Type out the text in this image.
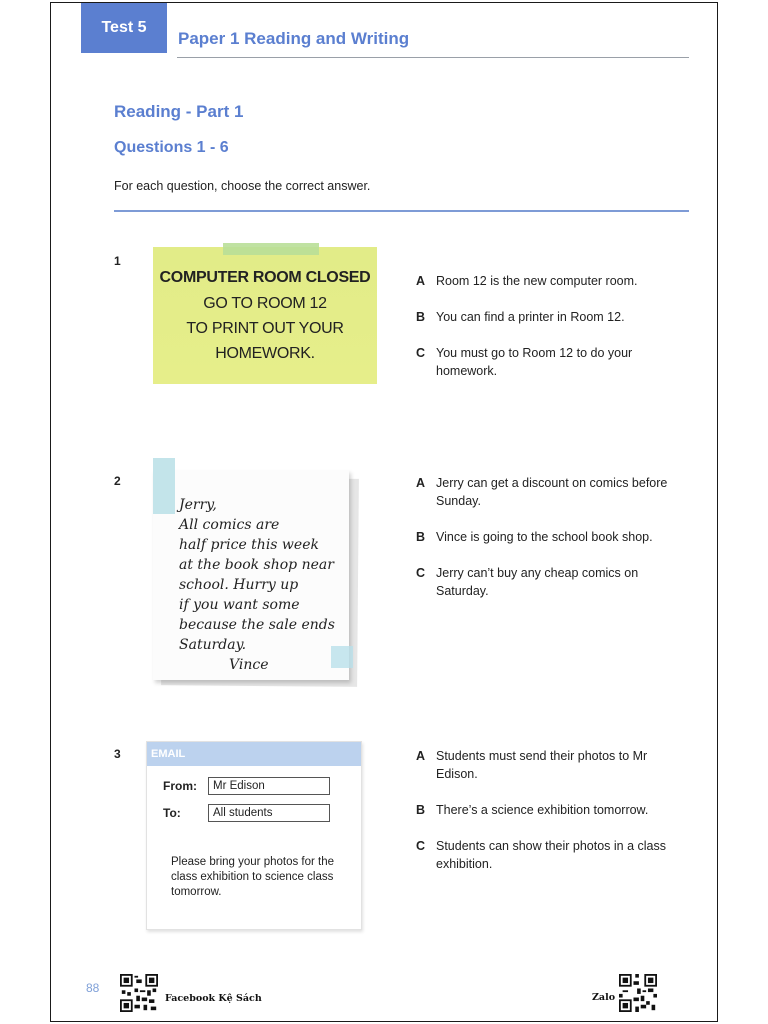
Test 5
Paper 1 Reading and Writing
Reading - Part 1
Questions 1 - 6
For each question, choose the correct answer.
1
COMPUTER ROOM CLOSED
GO TO ROOM 12
TO PRINT OUT YOUR
HOMEWORK.
A Room 12 is the new computer room.
B You can find a printer in Room 12.
C You must go to Room 12 to do your homework.
2
Jerry,
All comics are
half price this week
at the book shop near
school. Hurry up
if you want some
because the sale ends
Saturday.
Vince
A Jerry can get a discount on comics before Sunday.
B Vince is going to the school book shop.
C Jerry can’t buy any cheap comics on Saturday.
3	EMAIL
From:	Mr Edison
To:	All students
Please bring your photos for the class exhibition to science class tomorrow.
A Students must send their photos to Mr Edison.
B There’s a science exhibition tomorrow.
C Students can show their photos in a class exhibition.
88
Facebook Kệ Sách	Zalo
